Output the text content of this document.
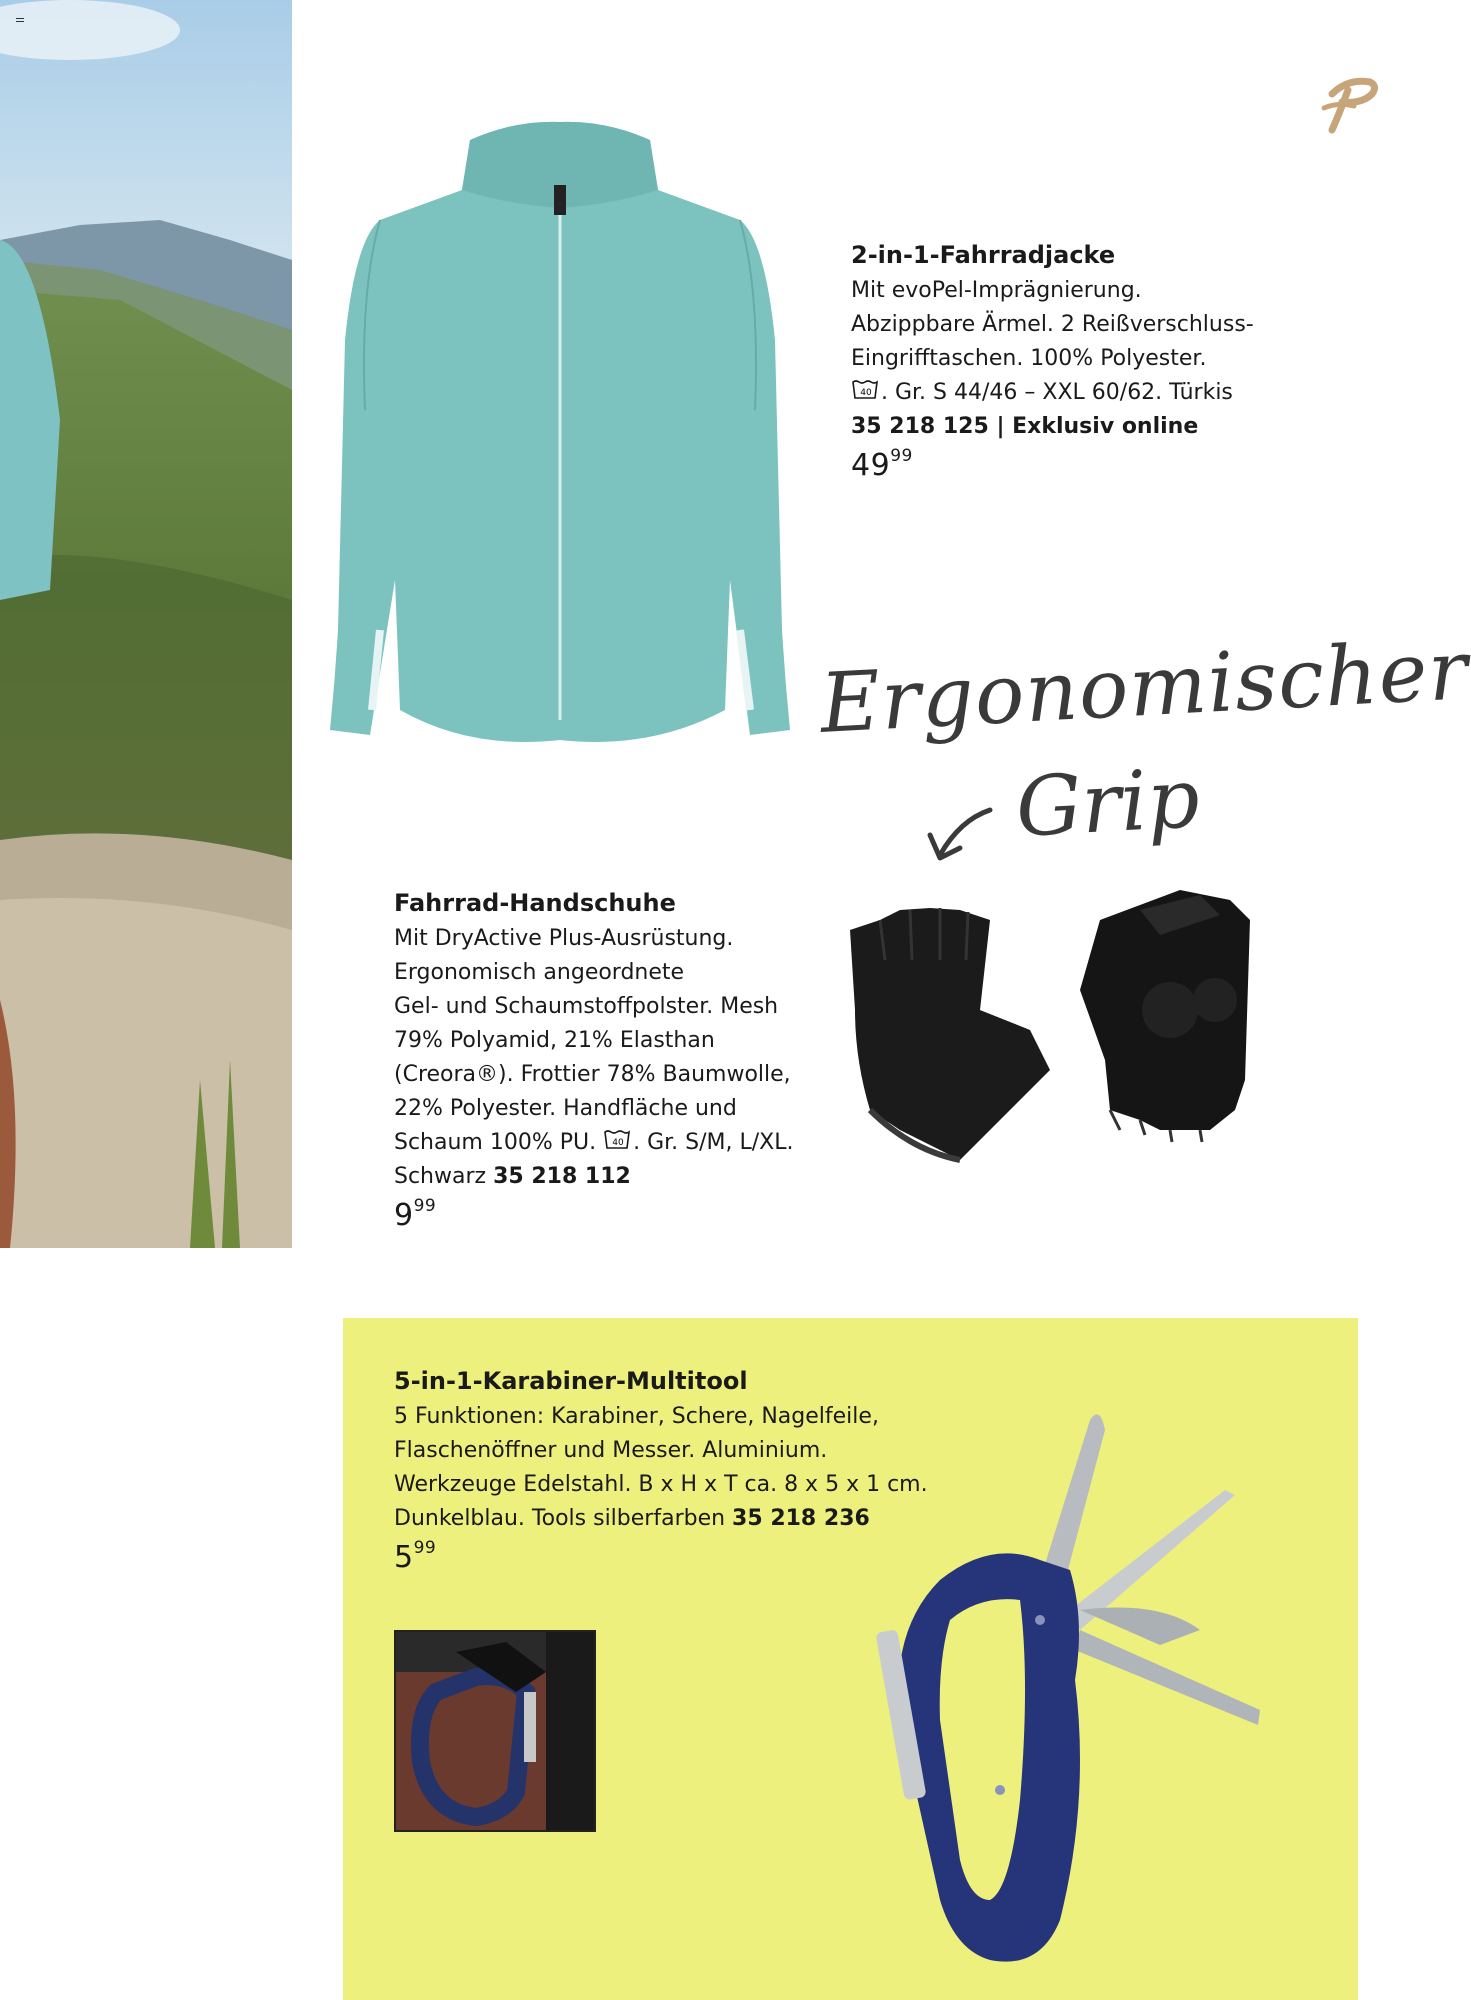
2-in-1-Fahrradjacke
Mit evoPel-Imprägnierung.
Abzippbare Ärmel. 2 Reißverschluss-
Eingrifftaschen. 100% Polyester.
40 . Gr. S 44/46 – XXL 60/62. Türkis
35 218 125 | Exklusiv online
$49^{99}$
Ergonomischer
Grip
Fahrrad-Handschuhe
Mit DryActive Plus-Ausrüstung.
Ergonomisch angeordnete
Gel- und Schaumstoffpolster. Mesh
79% Polyamid, 21% Elasthan
(Creora®). Frottier 78% Baumwolle,
22% Polyester. Handfläche und
Schaum 100% PU. 40 . Gr. S/M, L/XL.
Schwarz 35 218 112
$9^{99}$
5-in-1-Karabiner-Multitool
5 Funktionen: Karabiner, Schere, Nagelfeile,
Flaschenöffner und Messer. Aluminium.
Werkzeuge Edelstahl. B x H x T ca. 8 x 5 x 1 cm.
Dunkelblau. Tools silberfarben 35 218 236
$5^{99}$
